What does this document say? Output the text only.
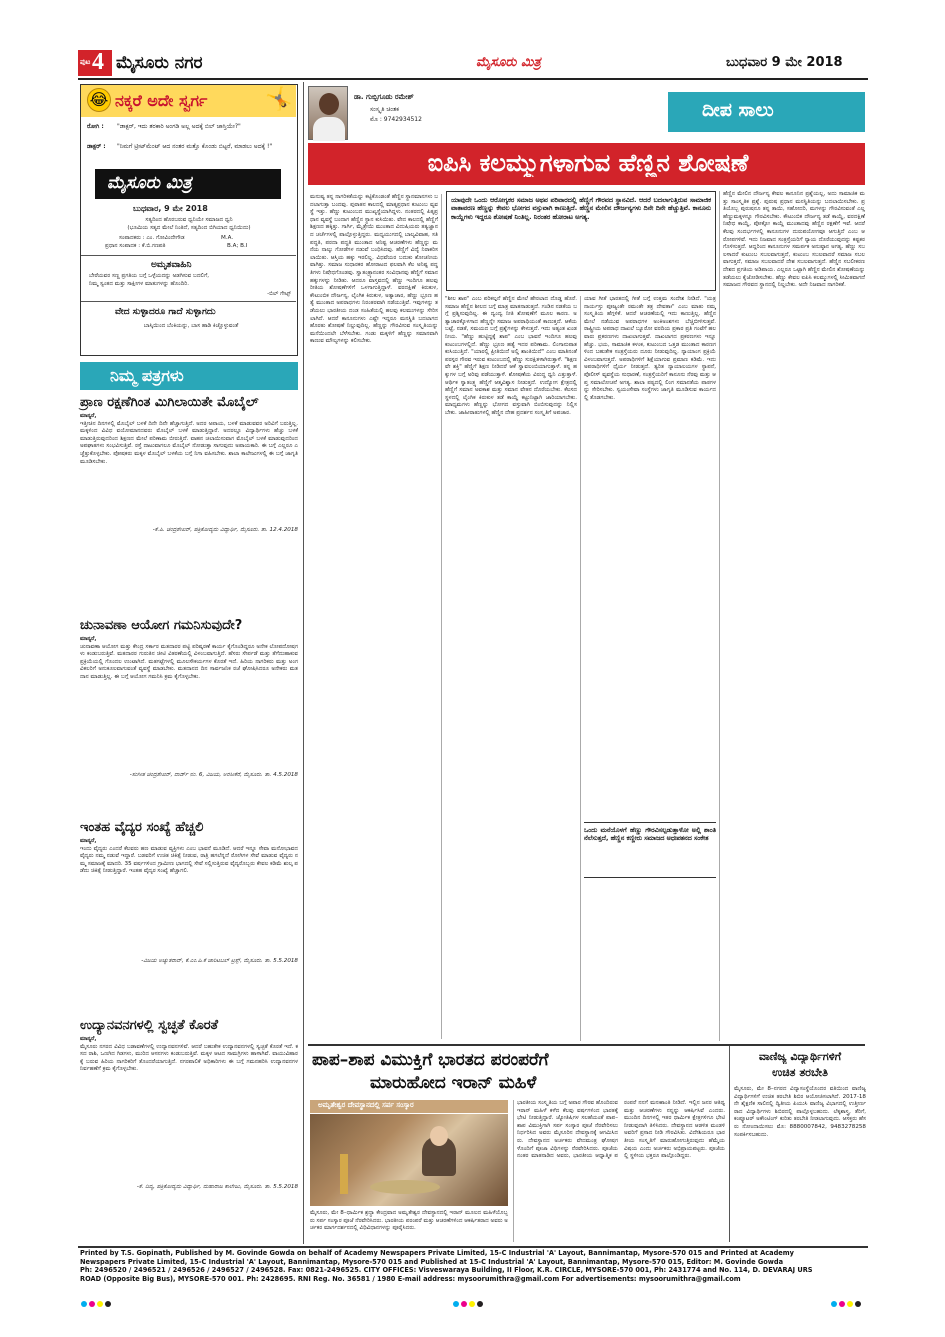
ಪುಟ 4 ಮೈಸೂರು ನಗರ	ಮೈಸೂರು ಮಿತ್ರ	ಬುಧವಾರ 9 ಮೇ 2018
😂 ನಕ್ಕರೆ ಅದೇ ಸ್ವರ್ಗ	🤸
ರೋಗಿ :	"ಡಾಕ್ಟರ್, ಇದು ತರಕಾರಿ ಅಂಗಡಿ ಅಲ್ಲ ಅದಕ್ಕೆ ಬಿಲ್ ಜಾಸ್ತಿಯೇ?"
ಡಾಕ್ಟರ್ :	"ನಿಮಗೆ ಟ್ರೀಟ್‌ಮೆಂಟ್ ಆದ ನಂತರ ಮತ್ತೊ ಕೊಂಡು ಬಿಟ್ಟರೆ, ಮಾಡಲು ಅದಕ್ಕೆ !"
ಮೈಸೂರು ಮಿತ್ರ
ಬುಧವಾರ, 9 ಮೇ 2018
ಸತ್ಯದಿಂದ ಹೊರಬರುವ ಧ್ವನಿಯೇ ಸಮಾಜದ ಧ್ವನಿ
(ಭೂಮಿಯ ಸತ್ಯದ ಮೇಲೆ ನಿಂತಿದೆ, ಸತ್ಯದಿಂದ ಬಿಗಿಯಾದ ಧ್ವನಿಯಿದು)
ಸಂಪಾದಕರು : ಎಂ. ಗೋವಿಂದೇಗೌಡ	M.A.
ಪ್ರಧಾನ ಸಂಪಾದಕ : ಕೆ.ಬಿ.ಗಣಪತಿ	B.A; B.I
ಅಮೃತವಾಹಿನಿ
ಬೇರೆಯವರ ಸಣ್ಣ ಪ್ರಗತಿಯ ಬಗ್ಗೆ ಒಳ್ಳೆಯದನ್ನು ಅಡಗಿಸುವ ಬದಲಿಗೆ,
ನಿಮ್ಮ ಸ್ವಂತದ ಮತ್ತು ಸಾಕ್ಷೀಗಳ ಮಾತುಗಳನ್ನು ಹೊಂದಿರಿ.
-ಬಿಲ್ ಗೇಟ್ಸ್
ವೇದ ಸುಳ್ಳಾದರೂ ಗಾದೆ ಸುಳ್ಳಾಗದು
ಬಾಸ್ಕಿಯಿಂದ ಬೆಂಕಿಯನ್ನು, ಬಾಸ ಹಾಡಿ ಕಿಚ್ಚೊಳ್ಳುವಂತೆ
ನಿಮ್ಮ ಪತ್ರಗಳು
ಪ್ರಾಣ ರಕ್ಷಣೆಗಿಂತ ಮಿಗಿಲಾಯಿತೇ ಮೊಬೈಲ್
ಮಾನ್ಯರೆ,
ಇತ್ತೀಚಿನ ದಿನಗಳಲ್ಲಿ ಮೊಬೈಲ್ ಬಳಕೆ ದಿನೇ ದಿನೇ ಹೆಚ್ಚಾಗುತ್ತಿದೆ. ಅದರ ಅಪಾಯ, ಬಳಕೆ ಮಾಡುವವರ ಅರಿವಿಗೆ ಬರುತ್ತಿಲ್ಲ. ಮಕ್ಕಳಿಂದ ವಿವಿಧ ವಯೋಮಾನದವರು ಮೊಬೈಲ್ ಬಳಕೆ ಮಾಡುತ್ತಿದ್ದಾರೆ. ಅದರಲ್ಲೂ ವಿದ್ಯಾರ್ಥಿಗಳು ಹೆಚ್ಚು ಬಳಕೆ ಮಾಡುತ್ತಿರುವುದರಿಂದ ಶಿಕ್ಷಣದ ಮೇಲೆ ಪರಿಣಾಮ ಬೀರುತ್ತಿದೆ. ವಾಹನ ಚಲಾಯಿಸುವಾಗ ಮೊಬೈಲ್ ಬಳಕೆ ಮಾಡುವುದರಿಂದ ಅಪಘಾತಗಳು ಸಂಭವಿಸುತ್ತಿವೆ. ರಸ್ತೆ ದಾಟುವಾಗಲೂ ಮೊಬೈಲ್ ನೋಡುತ್ತಾ ಸಾಗುವುದು ಅಪಾಯಕಾರಿ. ಈ ಬಗ್ಗೆ ಎಲ್ಲರೂ ಎಚ್ಚೆತ್ತುಕೊಳ್ಳಬೇಕು. ಪೋಷಕರು ಮಕ್ಕಳ ಮೊಬೈಲ್ ಬಳಕೆಯ ಬಗ್ಗೆ ನಿಗಾ ವಹಿಸಬೇಕು. ಶಾಲಾ ಕಾಲೇಜುಗಳಲ್ಲಿ ಈ ಬಗ್ಗೆ ಜಾಗೃತಿ ಮೂಡಿಸಬೇಕು.
-ಕೆ.ಪಿ. ಚಂದ್ರಶೇಖರ್, ಪತ್ರಿಕೋದ್ಯಮ ವಿದ್ಯಾರ್ಥಿ, ಮೈಸೂರು. ತಾ. 12.4.2018
ಚುನಾವಣಾ ಆಯೋಗ ಗಮನಿಸುವುದೇ?
ಮಾನ್ಯರೆ,
ಚುನಾವಣಾ ಆಯೋಗ ಮತ್ತು ಕೇಂದ್ರ ಸರ್ಕಾರ ಮತದಾರರ ಪಟ್ಟಿ ಪರಿಷ್ಕರಣೆ ಕಾರ್ಯ ಕೈಗೊಂಡಿದ್ದರೂ ಅನೇಕ ಲೋಪದೋಷಗಳು ಕಂಡುಬರುತ್ತಿವೆ. ಮತದಾರರ ಗುರುತಿನ ಚೀಟಿ ವಿತರಣೆಯಲ್ಲಿ ವಿಳಂಬವಾಗುತ್ತಿದೆ. ಹೆಸರು ಸೇರ್ಪಡೆ ಮತ್ತು ತೆಗೆದುಹಾಕುವ ಪ್ರಕ್ರಿಯೆಯಲ್ಲಿ ಗೊಂದಲ ಉಂಟಾಗಿದೆ. ಮತಗಟ್ಟೆಗಳಲ್ಲಿ ಮೂಲಸೌಕರ್ಯಗಳ ಕೊರತೆ ಇದೆ. ಹಿರಿಯ ನಾಗರಿಕರು ಮತ್ತು ಅಂಗವಿಕಲರಿಗೆ ಅನುಕೂಲವಾಗುವಂತೆ ವ್ಯವಸ್ಥೆ ಮಾಡಬೇಕು. ಮತದಾನದ ದಿನ ಸಾರ್ವಜನಿಕ ರಜೆ ಘೋಷಿಸಿದರೂ ಅನೇಕರು ಮತದಾನ ಮಾಡುತ್ತಿಲ್ಲ. ಈ ಬಗ್ಗೆ ಆಯೋಗ ಗಮನಿಸಿ ಕ್ರಮ ಕೈಗೊಳ್ಳಬೇಕು.
-ಸಂಗೀತ ಚಂದ್ರಶೇಖರ್, ವಾರ್ಡ್ ನಂ. 6, ವಿಜಯ, ಅರಸೀಕೆರೆ, ಮೈಸೂರು. ತಾ. 4.5.2018
ಇಂತಹ ವೈದ್ಯರ ಸಂಖ್ಯೆ ಹೆಚ್ಚಲಿ
ಮಾನ್ಯರೆ,
ಇಂದು ವೈದ್ಯರು ಎಂದರೆ ಕೆಲವರು ಹಣ ಮಾಡುವ ವ್ಯಕ್ತಿಗಳು ಎಂಬ ಭಾವನೆ ಮೂಡಿದೆ. ಆದರೆ ಇನ್ನೂ ಸೇವಾ ಮನೋಭಾವದ ವೈದ್ಯರು ನಮ್ಮ ನಡುವೆ ಇದ್ದಾರೆ. ಬಡವರಿಗೆ ಉಚಿತ ಚಿಕಿತ್ಸೆ ನೀಡುವ, ರಾತ್ರಿ ಹಗಲೆನ್ನದೆ ರೋಗಿಗಳ ಸೇವೆ ಮಾಡುವ ವೈದ್ಯರು ನಮ್ಮ ಸಮಾಜಕ್ಕೆ ಮಾದರಿ. 35 ವರ್ಷಗಳಿಂದ ಗ್ರಾಮೀಣ ಭಾಗದಲ್ಲಿ ಸೇವೆ ಸಲ್ಲಿಸುತ್ತಿರುವ ವೈದ್ಯರೊಬ್ಬರು ಕೇವಲ ಕಡಿಮೆ ಶುಲ್ಕ ಪಡೆದು ಚಿಕಿತ್ಸೆ ನೀಡುತ್ತಿದ್ದಾರೆ. ಇಂತಹ ವೈದ್ಯರ ಸಂಖ್ಯೆ ಹೆಚ್ಚಾಗಲಿ.
-ವಿಜಯ ಅಚ್ಯುತರಾವ್, ಕೆ.ಎಂ.ಪಿ.ಕೆ ಚಾರಿಟಬಲ್ ಟ್ರಸ್ಟ್, ಮೈಸೂರು. ತಾ. 5.5.2018
ಉದ್ಯಾನವನಗಳಲ್ಲಿ ಸ್ವಚ್ಛತೆ ಕೊರತೆ
ಮಾನ್ಯರೆ,
ಮೈಸೂರು ನಗರದ ವಿವಿಧ ಬಡಾವಣೆಗಳಲ್ಲಿ ಉದ್ಯಾನವನಗಳಿವೆ. ಆದರೆ ಬಹುತೇಕ ಉದ್ಯಾನವನಗಳಲ್ಲಿ ಸ್ವಚ್ಛತೆ ಕೊರತೆ ಇದೆ. ಕಸದ ರಾಶಿ, ಒಣಗಿದ ಗಿಡಗಳು, ಮುರಿದ ಆಸನಗಳು ಕಂಡುಬರುತ್ತಿವೆ. ಮಕ್ಕಳ ಆಟದ ಸಾಮಗ್ರಿಗಳು ಹಾಳಾಗಿವೆ. ವಾಯುವಿಹಾರಕ್ಕೆ ಬರುವ ಹಿರಿಯ ನಾಗರಿಕರಿಗೆ ತೊಂದರೆಯಾಗುತ್ತಿದೆ. ನಗರಪಾಲಿಕೆ ಅಧಿಕಾರಿಗಳು ಈ ಬಗ್ಗೆ ಗಮನಹರಿಸಿ ಉದ್ಯಾನವನಗಳ ನಿರ್ವಹಣೆಗೆ ಕ್ರಮ ಕೈಗೊಳ್ಳಬೇಕು.
-ಕೆ. ದಿವ್ಯ, ಪತ್ರಿಕೋದ್ಯಮ ವಿದ್ಯಾರ್ಥಿ, ಮಹಾರಾಜ ಕಾಲೇಜು, ಮೈಸೂರು. ತಾ. 5.5.2018
ಡಾ. ಗುಬ್ಬಿಗೂಡು ರಮೇಶ್
ಸಂಸ್ಕೃತಿ ಚಿಂತಕ
ಮೊ : 9742934512	ದೀಪ ಸಾಲು
ಐಪಿಸಿ ಕಲಮ್ಮುಗಳಾಗುವ ಹೆಣ್ಣಿನ ಶೋಷಣೆ
ಯಾವುದೇ ಒಂದು ಆರೋಗ್ಯಕರ ಸಮಾಜ ಅಥವ ಪರಿವಾರದಲ್ಲಿ ಹೆಣ್ಣಿಗೆ ಗೌರವದ ಸ್ಥಾನವಿದೆ. ಆದರೆ ಬದಲಾಗುತ್ತಿರುವ ಸಾಮಾಜಿಕ ವಾತಾವರಣ ಹೆಣ್ಣನ್ನು ಕೇವಲ ಭೋಗದ ವಸ್ತುವಾಗಿ ಕಾಣುತ್ತಿದೆ. ಹೆಣ್ಣಿನ ಮೇಲಿನ ದೌರ್ಜನ್ಯಗಳು ದಿನೇ ದಿನೇ ಹೆಚ್ಚುತ್ತಿವೆ. ಕಾನೂನು ಕಾಯ್ದೆಗಳು ಇದ್ದರೂ ಶೋಷಣೆ ನಿಂತಿಲ್ಲ. ನಿರಂತರ ಹೋರಾಟ ಅಗತ್ಯ.
ಮನುಷ್ಯ ತನ್ನ ನಾಗರಿಕತೆಯನ್ನು ಕಟ್ಟಿಕೊಂಡಂತೆ ಹೆಣ್ಣಿನ ಸ್ಥಾನಮಾನಗಳು ಬದಲಾಗುತ್ತಾ ಬಂದವು. ಪುರಾತನ ಕಾಲದಲ್ಲಿ ಮಾತೃಪ್ರಧಾನ ಕುಟುಂಬ ವ್ಯವಸ್ಥೆ ಇತ್ತು. ಹೆಣ್ಣು ಕುಟುಂಬದ ಮುಖ್ಯಸ್ಥೆಯಾಗಿದ್ದಳು. ನಂತರದಲ್ಲಿ ಪಿತೃಪ್ರಧಾನ ವ್ಯವಸ್ಥೆ ಬಂದಾಗ ಹೆಣ್ಣಿನ ಸ್ಥಾನ ಕುಸಿಯಿತು. ವೇದ ಕಾಲದಲ್ಲಿ ಹೆಣ್ಣಿಗೆ ಶಿಕ್ಷಣದ ಹಕ್ಕಿತ್ತು. ಗಾರ್ಗಿ, ಮೈತ್ರೇಯಿ ಮುಂತಾದ ವಿದುಷಿಯರು ತತ್ವಜ್ಞಾನದ ಚರ್ಚೆಗಳಲ್ಲಿ ಪಾಲ್ಗೊಳ್ಳುತ್ತಿದ್ದರು. ಮಧ್ಯಯುಗದಲ್ಲಿ ಬಾಲ್ಯವಿವಾಹ, ಸತಿ ಪದ್ಧತಿ, ಪರದಾ ಪದ್ಧತಿ ಮುಂತಾದ ಅನಿಷ್ಟ ಆಚರಣೆಗಳು ಹೆಣ್ಣನ್ನು ಮನೆಯ ನಾಲ್ಕು ಗೋಡೆಗಳ ನಡುವೆ ಬಂಧಿಸಿದವು. ಹೆಣ್ಣಿಗೆ ವಿದ್ಯೆ ನಿರಾಕರಿಸಲಾಯಿತು. ಆಸ್ತಿಯ ಹಕ್ಕು ಇರಲಿಲ್ಲ. ವಿಧವೆಯರ ಬದುಕು ಶೋಚನೀಯವಾಗಿತ್ತು. ಸಮಾಜ ಸುಧಾರಕರ ಹೋರಾಟದ ಫಲವಾಗಿ ಕೆಲ ಅನಿಷ್ಟ ಪದ್ಧತಿಗಳು ನಿಷೇಧಗೊಂಡವು. ಸ್ವಾತಂತ್ರ್ಯಾನಂತರ ಸಂವಿಧಾನವು ಹೆಣ್ಣಿಗೆ ಸಮಾನ ಹಕ್ಕುಗಳನ್ನು ನೀಡಿತು. ಆದರೂ ವಾಸ್ತವದಲ್ಲಿ ಹೆಣ್ಣು ಇಂದಿಗೂ ಹಲವು ರೀತಿಯ ಶೋಷಣೆಗಳಿಗೆ ಒಳಗಾಗುತ್ತಿದ್ದಾಳೆ. ವರದಕ್ಷಿಣೆ ಕಿರುಕುಳ, ಕೌಟುಂಬಿಕ ದೌರ್ಜನ್ಯ, ಲೈಂಗಿಕ ಕಿರುಕುಳ, ಅತ್ಯಾಚಾರ, ಹೆಣ್ಣು ಭ್ರೂಣ ಹತ್ಯೆ ಮುಂತಾದ ಅಪರಾಧಗಳು ನಿರಂತರವಾಗಿ ನಡೆಯುತ್ತಿವೆ. ಇವುಗಳನ್ನು ತಡೆಯಲು ಭಾರತೀಯ ದಂಡ ಸಂಹಿತೆಯಲ್ಲಿ ಹಲವು ಕಲಮುಗಳನ್ನು ಸೇರಿಸಲಾಗಿದೆ. ಆದರೆ ಕಾನೂನುಗಳು ಎಷ್ಟೇ ಇದ್ದರೂ ಮನಸ್ಥಿತಿ ಬದಲಾಗದ ಹೊರತು ಶೋಷಣೆ ನಿಲ್ಲುವುದಿಲ್ಲ. ಹೆಣ್ಣನ್ನು ಗೌರವಿಸುವ ಸಂಸ್ಕೃತಿಯನ್ನು ಮನೆಯಿಂದಲೇ ಬೆಳೆಸಬೇಕು. ಗಂಡು ಮಕ್ಕಳಿಗೆ ಹೆಣ್ಣನ್ನು ಸಮಾನವಾಗಿ ಕಾಣುವ ಮೌಲ್ಯಗಳನ್ನು ಕಲಿಸಬೇಕು.
"ಶೀಲ ಶಾಪ" ಎಂಬ ಪರಿಕಲ್ಪನೆ ಹೆಣ್ಣಿನ ಮೇಲೆ ಹೇರಲಾದ ದೊಡ್ಡ ಹೊರೆ. ಸಮಾಜ ಹೆಣ್ಣಿನ ಶೀಲದ ಬಗ್ಗೆ ಮಾತ್ರ ಮಾತನಾಡುತ್ತದೆ. ಗಂಡಿನ ನಡತೆಯ ಬಗ್ಗೆ ಪ್ರಶ್ನಿಸುವುದಿಲ್ಲ. ಈ ದ್ವಂದ್ವ ನೀತಿ ಶೋಷಣೆಗೆ ಮೂಲ ಕಾರಣ. ಅತ್ಯಾಚಾರಕ್ಕೊಳಗಾದ ಹೆಣ್ಣನ್ನೇ ಸಮಾಜ ಅಪರಾಧಿಯಂತೆ ಕಾಣುತ್ತದೆ. ಆಕೆಯ ಬಟ್ಟೆ, ನಡತೆ, ಸಮಯದ ಬಗ್ಗೆ ಪ್ರಶ್ನೆಗಳನ್ನು ಕೇಳುತ್ತದೆ. ಇದು ಅತ್ಯಂತ ಖಂಡನೀಯ. "ಹೆಣ್ಣು ಹುಟ್ಟಿದ್ದಕ್ಕೆ ಶಾಪ" ಎಂಬ ಭಾವನೆ ಇಂದಿಗೂ ಹಲವು ಕುಟುಂಬಗಳಲ್ಲಿದೆ. ಹೆಣ್ಣು ಭ್ರೂಣ ಹತ್ಯೆ ಇದರ ಪರಿಣಾಮ. ಲಿಂಗಾನುಪಾತ ಕುಸಿಯುತ್ತಿದೆ. "ಯಾರಲ್ಲಿ ಪ್ರೀತಿಯಿದೆ ಅಲ್ಲಿ ಶಾಂತಿಯಿದೆ" ಎಂಬ ಮಾತಿನಂತೆ ಪರಸ್ಪರ ಗೌರವ ಇರುವ ಕುಟುಂಬದಲ್ಲಿ ಹೆಣ್ಣು ಸುರಕ್ಷಿತಳಾಗಿರುತ್ತಾಳೆ. "ಶಿಕ್ಷಣವೇ ಶಕ್ತಿ" ಹೆಣ್ಣಿಗೆ ಶಿಕ್ಷಣ ನೀಡಿದರೆ ಆಕೆ ಸ್ವಾವಲಂಬಿಯಾಗುತ್ತಾಳೆ. ತನ್ನ ಹಕ್ಕುಗಳ ಬಗ್ಗೆ ಅರಿವು ಪಡೆಯುತ್ತಾಳೆ. ಶೋಷಣೆಯ ವಿರುದ್ಧ ಧ್ವನಿ ಎತ್ತುತ್ತಾಳೆ. ಆರ್ಥಿಕ ಸ್ವಾತಂತ್ರ್ಯ ಹೆಣ್ಣಿಗೆ ಆತ್ಮವಿಶ್ವಾಸ ನೀಡುತ್ತದೆ. ಉದ್ಯೋಗ ಕ್ಷೇತ್ರದಲ್ಲಿ ಹೆಣ್ಣಿಗೆ ಸಮಾನ ಅವಕಾಶ ಮತ್ತು ಸಮಾನ ವೇತನ ದೊರೆಯಬೇಕು. ಕೆಲಸದ ಸ್ಥಳದಲ್ಲಿ ಲೈಂಗಿಕ ಕಿರುಕುಳ ತಡೆ ಕಾಯ್ದೆ ಕಟ್ಟುನಿಟ್ಟಾಗಿ ಜಾರಿಯಾಗಬೇಕು. ಮಾಧ್ಯಮಗಳು ಹೆಣ್ಣನ್ನು ಭೋಗದ ವಸ್ತುವಾಗಿ ಬಿಂಬಿಸುವುದನ್ನು ನಿಲ್ಲಿಸಬೇಕು. ಜಾಹೀರಾತುಗಳಲ್ಲಿ ಹೆಣ್ಣಿನ ದೇಹ ಪ್ರದರ್ಶನ ಸಂಸ್ಕೃತಿಗೆ ಅಪಚಾರ.
ಯಾವ ಗೀತೆ ಭಾರತದಲ್ಲಿ ಗೀತೆ ಬಗ್ಗೆ ಉತ್ತಮ ಸಂದೇಶ ನೀಡಿದೆ. "ಯತ್ರ ನಾರ್ಯಸ್ತು ಪೂಜ್ಯಂತೇ ರಮಂತೇ ತತ್ರ ದೇವತಾಃ" ಎಂಬ ಮಾತು ನಮ್ಮ ಸಂಸ್ಕೃತಿಯ ಹೆಗ್ಗಳಿಕೆ. ಆದರೆ ಆಚರಣೆಯಲ್ಲಿ ಇದು ಕಾಣುತ್ತಿಲ್ಲ. ಹೆಣ್ಣಿನ ಮೇಲೆ ನಡೆಯುವ ಅಪರಾಧಗಳ ಅಂಕಿಅಂಶಗಳು ಬೆಚ್ಚಿಬೀಳಿಸುತ್ತವೆ. ರಾಷ್ಟ್ರೀಯ ಅಪರಾಧ ದಾಖಲೆ ಬ್ಯೂರೋ ವರದಿಯ ಪ್ರಕಾರ ಪ್ರತಿ ಗಂಟೆಗೆ ಹಲವಾರು ಪ್ರಕರಣಗಳು ದಾಖಲಾಗುತ್ತವೆ. ದಾಖಲಾಗದ ಪ್ರಕರಣಗಳು ಇನ್ನೂ ಹೆಚ್ಚು. ಭಯ, ಸಾಮಾಜಿಕ ಕಳಂಕ, ಕುಟುಂಬದ ಒತ್ತಡ ಮುಂತಾದ ಕಾರಣಗಳಿಂದ ಬಹುತೇಕ ಸಂತ್ರಸ್ತೆಯರು ದೂರು ನೀಡುವುದಿಲ್ಲ. ನ್ಯಾಯಾಂಗ ಪ್ರಕ್ರಿಯೆ ವಿಳಂಬವಾಗುತ್ತದೆ. ಅಪರಾಧಿಗಳಿಗೆ ಶಿಕ್ಷೆಯಾಗುವ ಪ್ರಮಾಣ ಕಡಿಮೆ. ಇದು ಅಪರಾಧಿಗಳಿಗೆ ಧೈರ್ಯ ನೀಡುತ್ತದೆ. ತ್ವರಿತ ನ್ಯಾಯಾಲಯಗಳ ಸ್ಥಾಪನೆ, ಪೊಲೀಸ್ ವ್ಯವಸ್ಥೆಯ ಸುಧಾರಣೆ, ಸಂತ್ರಸ್ತೆಯರಿಗೆ ಕಾನೂನು ನೆರವು ಮತ್ತು ಆಪ್ತ ಸಮಾಲೋಚನೆ ಅಗತ್ಯ. ಶಾಲಾ ಪಠ್ಯದಲ್ಲಿ ಲಿಂಗ ಸಮಾನತೆಯ ಪಾಠಗಳನ್ನು ಸೇರಿಸಬೇಕು. ಸ್ವಯಂಸೇವಾ ಸಂಸ್ಥೆಗಳು ಜಾಗೃತಿ ಮೂಡಿಸುವ ಕಾರ್ಯದಲ್ಲಿ ತೊಡಗಬೇಕು.
ಒಂದು ಮನೆಯೊಳಗೆ ಹೆಣ್ಣು ಗೌರವಿಸಲ್ಪಡುತ್ತಾಳೋ ಅಲ್ಲಿ ಶಾಂತಿ ನೆಲೆಸುತ್ತದೆ, ಹೆಣ್ಣಿನ ಕಣ್ಣೀರು ಸಮಾಜದ ಅಧಃಪತನದ ಸಂಕೇತ
ಹೆಣ್ಣಿನ ಮೇಲಿನ ದೌರ್ಜನ್ಯ ಕೇವಲ ಕಾನೂನಿನ ಪ್ರಶ್ನೆಯಲ್ಲ, ಅದು ಸಾಮಾಜಿಕ ಮತ್ತು ಸಾಂಸ್ಕೃತಿಕ ಪ್ರಶ್ನೆ. ಪುರುಷ ಪ್ರಧಾನ ಮನಸ್ಥಿತಿಯನ್ನು ಬದಲಾಯಿಸಬೇಕು. ಪ್ರತಿಯೊಬ್ಬ ಪುರುಷನೂ ತನ್ನ ತಾಯಿ, ಸಹೋದರಿ, ಮಗಳನ್ನು ಗೌರವಿಸುವಂತೆ ಎಲ್ಲ ಹೆಣ್ಣುಮಕ್ಕಳನ್ನೂ ಗೌರವಿಸಬೇಕು. ಕೌಟುಂಬಿಕ ದೌರ್ಜನ್ಯ ತಡೆ ಕಾಯ್ದೆ, ವರದಕ್ಷಿಣೆ ನಿಷೇಧ ಕಾಯ್ದೆ, ಪೋಕ್ಸೋ ಕಾಯ್ದೆ ಮುಂತಾದವು ಹೆಣ್ಣಿನ ರಕ್ಷಣೆಗೆ ಇವೆ. ಆದರೆ ಕೆಲವು ಸಂದರ್ಭಗಳಲ್ಲಿ ಕಾನೂನುಗಳ ದುರುಪಯೋಗವೂ ಆಗುತ್ತಿದೆ ಎಂಬ ಆರೋಪಗಳಿವೆ. ಇದು ನಿಜವಾದ ಸಂತ್ರಸ್ತೆಯರಿಗೆ ನ್ಯಾಯ ದೊರೆಯುವುದನ್ನು ಕಷ್ಟಕರಗೊಳಿಸುತ್ತದೆ. ಆದ್ದರಿಂದ ಕಾನೂನುಗಳ ಸಮರ್ಪಕ ಅನುಷ್ಠಾನ ಅಗತ್ಯ. ಹೆಣ್ಣು ಸಬಲಳಾದರೆ ಕುಟುಂಬ ಸಬಲವಾಗುತ್ತದೆ, ಕುಟುಂಬ ಸಬಲವಾದರೆ ಸಮಾಜ ಸಬಲವಾಗುತ್ತದೆ, ಸಮಾಜ ಸಬಲವಾದರೆ ದೇಶ ಸಬಲವಾಗುತ್ತದೆ. ಹೆಣ್ಣಿನ ಸಬಲೀಕರಣ ದೇಶದ ಪ್ರಗತಿಯ ಅಡಿಪಾಯ. ಎಲ್ಲರೂ ಒಟ್ಟಾಗಿ ಹೆಣ್ಣಿನ ಮೇಲಿನ ಶೋಷಣೆಯನ್ನು ತಡೆಯಲು ಕೈಜೋಡಿಸಬೇಕು. ಹೆಣ್ಣು ಕೇವಲ ಐಪಿಸಿ ಕಲಮ್ಮುಗಳಲ್ಲಿ ಸೀಮಿತವಾಗದೆ ಸಮಾಜದ ಗೌರವದ ಸ್ಥಾನದಲ್ಲಿ ನಿಲ್ಲಬೇಕು. ಅದೇ ನಿಜವಾದ ನಾಗರಿಕತೆ.
ಪಾಪ–ಶಾಪ ವಿಮುಕ್ತಿಗೆ ಭಾರತದ ಪರಂಪರೆಗೆ
ಮಾರುಹೋದ ಇರಾನ್ ಮಹಿಳೆ
ಅಮೃತೇಶ್ವರ ದೇವಸ್ಥಾನದಲ್ಲಿ ಸರ್ಪ ಸಂಸ್ಕಾರ
ಮೈಸೂರು, ಮೇ 8–ಧಾರ್ಮಿಕ ಶ್ರದ್ಧಾ ಕೇಂದ್ರವಾದ ಅಮೃತೇಶ್ವರ ದೇವಸ್ಥಾನದಲ್ಲಿ ಇರಾನ್ ಮೂಲದ ಮಹಿಳೆಯೊಬ್ಬರು ಸರ್ಪ ಸಂಸ್ಕಾರ ಪೂಜೆ ನೆರವೇರಿಸಿದರು. ಭಾರತೀಯ ಪರಂಪರೆ ಮತ್ತು ಆಚರಣೆಗಳಿಂದ ಆಕರ್ಷಿತರಾದ ಅವರು ಅರ್ಚಕರ ಮಾರ್ಗದರ್ಶನದಲ್ಲಿ ವಿಧಿವಿಧಾನಗಳನ್ನು ಪೂರೈಸಿದರು.
ಭಾರತೀಯ ಸಂಸ್ಕೃತಿಯ ಬಗ್ಗೆ ಅಪಾರ ಗೌರವ ಹೊಂದಿರುವ ಇರಾನ್ ಮಹಿಳೆ ಕಳೆದ ಕೆಲವು ವರ್ಷಗಳಿಂದ ಭಾರತಕ್ಕೆ ಭೇಟಿ ನೀಡುತ್ತಿದ್ದಾರೆ. ಜ್ಯೋತಿಷಿಗಳ ಸಲಹೆಯಂತೆ ಪಾಪ–ಶಾಪ ವಿಮುಕ್ತಿಗಾಗಿ ಸರ್ಪ ಸಂಸ್ಕಾರ ಪೂಜೆ ನೆರವೇರಿಸಲು ನಿರ್ಧರಿಸಿದ ಅವರು ಮೈಸೂರಿನ ದೇವಸ್ಥಾನಕ್ಕೆ ಆಗಮಿಸಿದರು. ದೇವಸ್ಥಾನದ ಅರ್ಚಕರು ವೇದಮಂತ್ರ ಘೋಷಗಳೊಂದಿಗೆ ಪೂಜಾ ವಿಧಿಗಳನ್ನು ನೆರವೇರಿಸಿದರು. ಪೂಜೆಯ ನಂತರ ಮಾತನಾಡಿದ ಅವರು, ಭಾರತೀಯ ಆಧ್ಯಾತ್ಮಿಕ ಪರಂಪರೆ ನನಗೆ ಮನಃಶಾಂತಿ ನೀಡಿದೆ. ಇಲ್ಲಿನ ಜನರ ಆತಿಥ್ಯ ಮತ್ತು ಆಚರಣೆಗಳು ನನ್ನನ್ನು ಆಕರ್ಷಿಸಿವೆ ಎಂದರು. ಮುಂದಿನ ದಿನಗಳಲ್ಲಿ ಇತರ ಧಾರ್ಮಿಕ ಕ್ಷೇತ್ರಗಳಿಗೂ ಭೇಟಿ ನೀಡುವುದಾಗಿ ತಿಳಿಸಿದರು. ದೇವಸ್ಥಾನದ ಆಡಳಿತ ಮಂಡಳಿ ಅವರಿಗೆ ಪ್ರಸಾದ ನೀಡಿ ಗೌರವಿಸಿತು. ವಿದೇಶಿಯರೂ ಭಾರತೀಯ ಸಂಸ್ಕೃತಿಗೆ ಮಾರುಹೋಗುತ್ತಿರುವುದು ಹೆಮ್ಮೆಯ ವಿಷಯ ಎಂದು ಅರ್ಚಕರು ಅಭಿಪ್ರಾಯಪಟ್ಟರು. ಪೂಜೆಯಲ್ಲಿ ಸ್ಥಳೀಯ ಭಕ್ತರೂ ಪಾಲ್ಗೊಂಡಿದ್ದರು.
ವಾಣಿಜ್ಯ ವಿದ್ಯಾರ್ಥಿಗಳಿಗೆ
ಉಚಿತ ತರಬೇತಿ
ಮೈಸೂರು, ಮೇ 8–ನಗರದ ವಿದ್ಯಾಸಂಸ್ಥೆಯೊಂದರ ವತಿಯಿಂದ ವಾಣಿಜ್ಯ ವಿದ್ಯಾರ್ಥಿಗಳಿಗೆ ಉಚಿತ ತರಬೇತಿ ಶಿಬಿರ ಆಯೋಜಿಸಲಾಗಿದೆ. 2017-18ನೇ ಶೈಕ್ಷಣಿಕ ಸಾಲಿನಲ್ಲಿ ದ್ವಿತೀಯ ಪಿಯುಸಿ ವಾಣಿಜ್ಯ ವಿಭಾಗದಲ್ಲಿ ಉತ್ತೀರ್ಣರಾದ ವಿದ್ಯಾರ್ಥಿಗಳು ಶಿಬಿರದಲ್ಲಿ ಪಾಲ್ಗೊಳ್ಳಬಹುದು. ಲೆಕ್ಕಶಾಸ್ತ್ರ, ತೆರಿಗೆ, ಕಂಪ್ಯೂಟರ್ ಅಕೌಂಟಿಂಗ್ ಕುರಿತು ತರಬೇತಿ ನೀಡಲಾಗುವುದು. ಆಸಕ್ತರು ಹೆಸರು ನೋಂದಾಯಿಸಲು ಮೊ: 8880007842, 9483278258 ಸಂಪರ್ಕಿಸಬಹುದು.
Printed by T.S. Gopinath, Published by M. Govinde Gowda on behalf of Academy Newspapers Private Limited, 15-C Industrial 'A' Layout, Bannimantap, Mysore-570 015 and Printed at Academy
Newspapers Private Limited, 15-C Industrial 'A' Layout, Bannimantap, Mysore-570 015 and Published at 15-C Industrial 'A' Layout, Bannimantap, Mysore-570 015, Editor: M. Govinde Gowda
Ph: 2496520 / 2496521 / 2496526 / 2496527 / 2496528. Fax: 0821-2496525. CITY OFFICES: Visveswaraya Building, II Floor, K.R. CIRCLE, MYSORE-570 001, Ph: 2431774 and No. 114, D. DEVARAJ URS
ROAD (Opposite Big Bus), MYSORE-570 001. Ph: 2428695. RNI Reg. No. 36581 / 1980 E-mail address: mysoorumithra@gmail.com For advertisements: mysoorumithra@gmail.com
